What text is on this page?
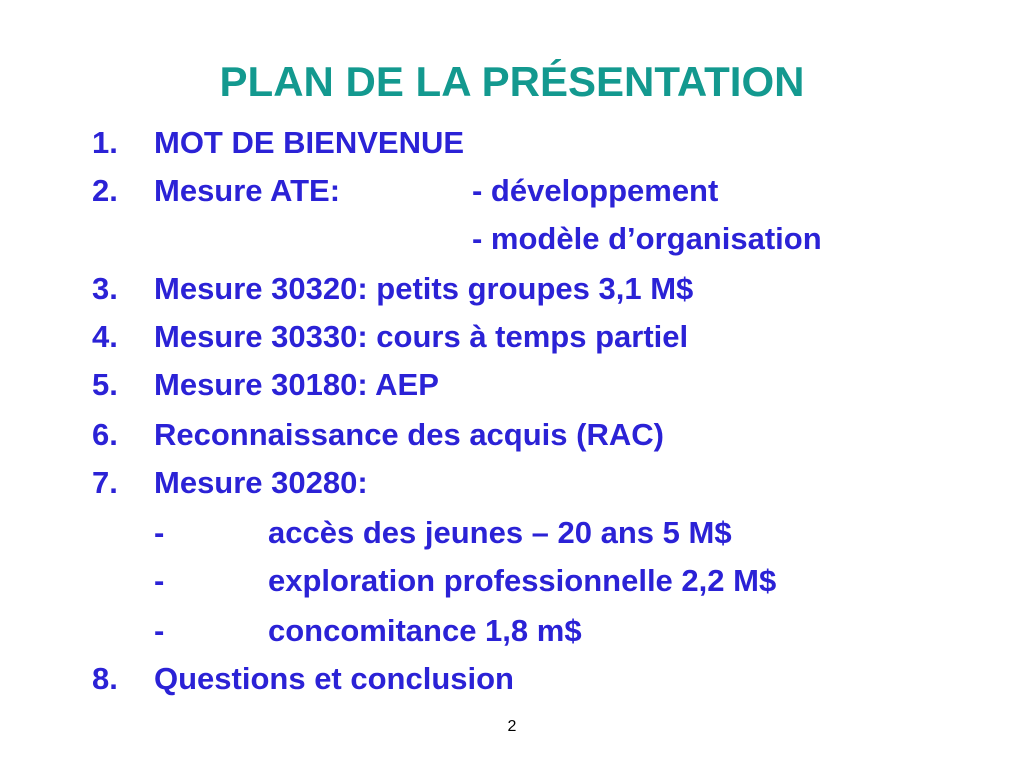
PLAN DE LA PRÉSENTATION
1. MOT DE BIENVENUE
2. Mesure ATE:	- développement
- modèle d’organisation
3. Mesure 30320: petits groupes 3,1 M$
4. Mesure 30330: cours à temps partiel
5. Mesure 30180: AEP
6. Reconnaissance des acquis (RAC)
7. Mesure 30280:
-	accès des jeunes – 20 ans 5 M$
-	exploration professionnelle 2,2 M$
-	concomitance 1,8 m$
8. Questions et conclusion
2
